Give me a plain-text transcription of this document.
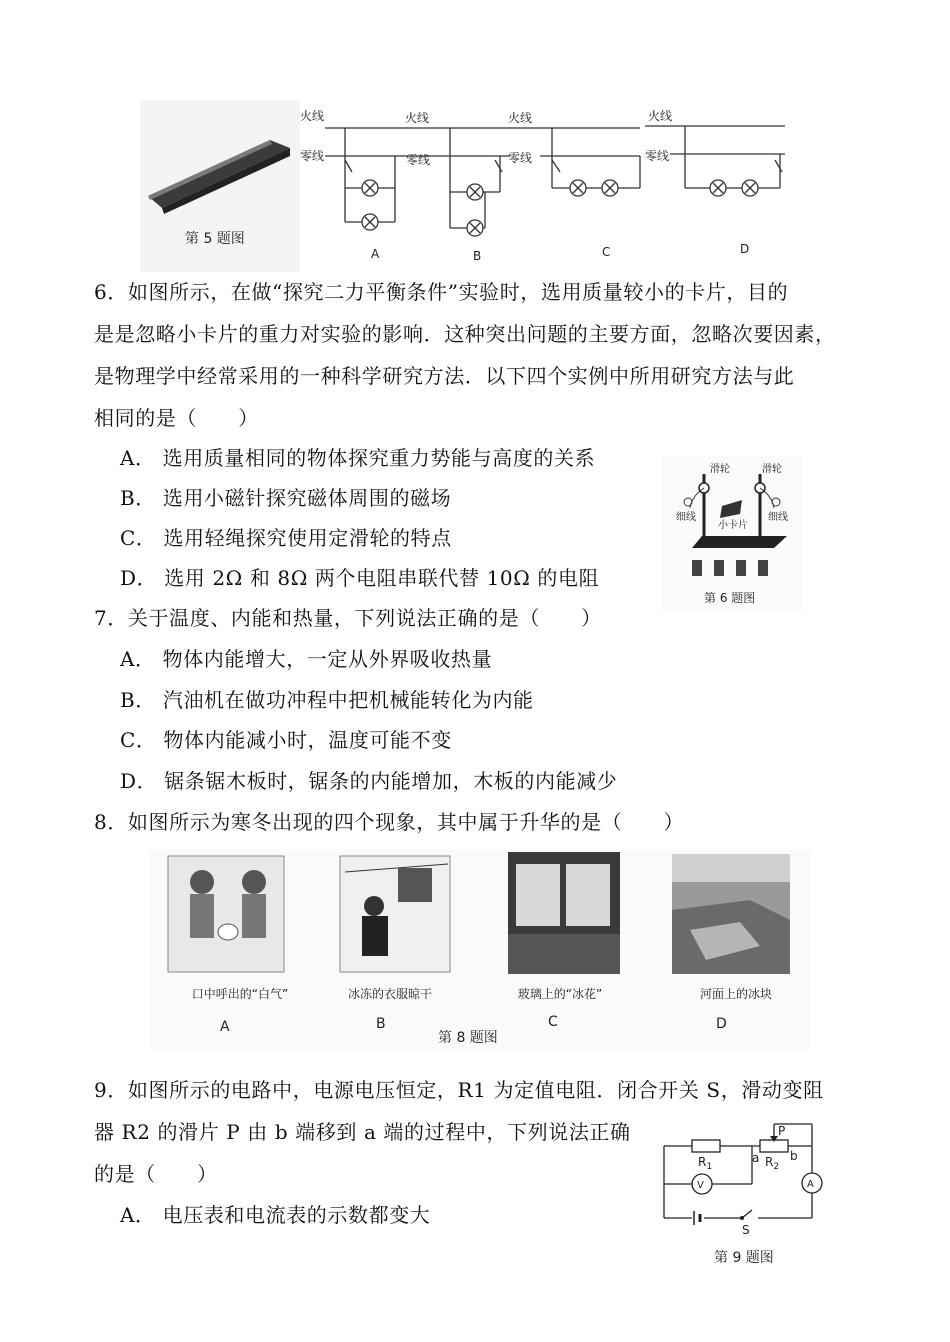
第 5 题图
火线
零线
A
火线
零线
B
火线
零线
C
火线
零线
D
6．如图所示，在做“探究二力平衡条件”实验时，选用质量较小的卡片，目的
是是忽略小卡片的重力对实验的影响．这种突出问题的主要方面，忽略次要因素，
是物理学中经常采用的一种科学研究方法．以下四个实例中所用研究方法与此
相同的是（　　）
A． 选用质量相同的物体探究重力势能与高度的关系
B． 选用小磁针探究磁体周围的磁场
C． 选用轻绳探究使用定滑轮的特点
D． 选用 2Ω 和 8Ω 两个电阻串联代替 10Ω 的电阻
滑轮	滑轮
细线	细线
小卡片
第 6 题图
7．关于温度、内能和热量，下列说法正确的是（　　）
A． 物体内能增大，一定从外界吸收热量
B． 汽油机在做功冲程中把机械能转化为内能
C． 物体内能减小时，温度可能不变
D． 锯条锯木板时，锯条的内能增加，木板的内能减少
8．如图所示为寒冬出现的四个现象，其中属于升华的是（　　）
口中呼出的“白气”
A
冰冻的衣服晾干
B
玻璃上的“冰花”
C
河面上的冰块
D
第 8 题图
9．如图所示的电路中，电源电压恒定，R1 为定值电阻．闭合开关 S，滑动变阻
器 R2 的滑片 P 由 b 端移到 a 端的过程中，下列说法正确
的是（　　）
A． 电压表和电流表的示数都变大
$R_1$	$R_2$
a	b
P
V	A
S
第 9 题图
